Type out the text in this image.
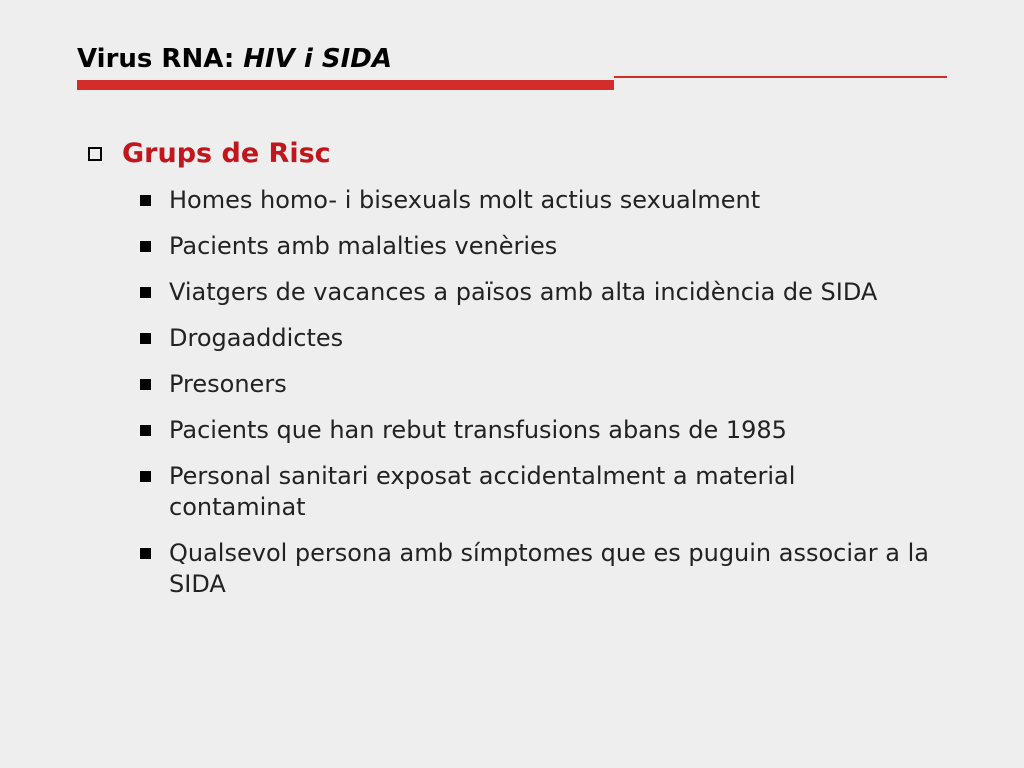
Virus RNA: HIV i SIDA
Grups de Risc
Homes homo- i bisexuals molt actius sexualment
Pacients amb malalties venèries
Viatgers de vacances a països amb alta incidència de SIDA
Drogaaddictes
Presoners
Pacients que han rebut transfusions abans de 1985
Personal sanitari exposat accidentalment a material contaminat
Qualsevol persona amb símptomes que es puguin associar a la SIDA
